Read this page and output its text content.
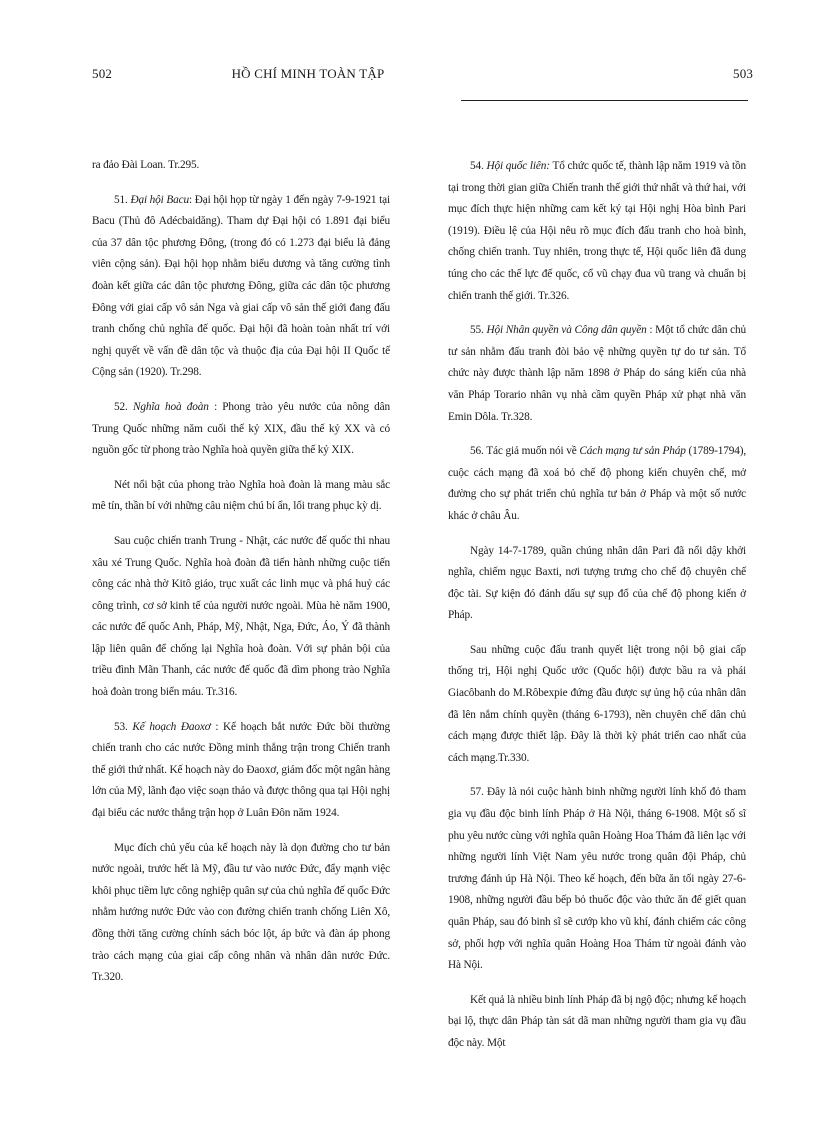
502	HỒ CHÍ MINH TOÀN TẬP	503

ra đảo Đài Loan. Tr.295.

51. Đại hội Bacu: Đại hội họp từ ngày 1 đến ngày 7-9-1921 tại Bacu (Thủ đô Adécbaidăng). Tham dự Đại hội có 1.891 đại biểu của 37 dân tộc phương Đông, (trong đó có 1.273 đại biểu là đảng viên cộng sản). Đại hội họp nhằm biểu dương và tăng cường tình đoàn kết giữa các dân tộc phương Đông, giữa các dân tộc phương Đông với giai cấp vô sản Nga và giai cấp vô sản thế giới đang đấu tranh chống chủ nghĩa đế quốc. Đại hội đã hoàn toàn nhất trí với nghị quyết về vấn đề dân tộc và thuộc địa của Đại hội II Quốc tế Cộng sản (1920). Tr.298.

52. Nghĩa hoà đoàn : Phong trào yêu nước của nông dân Trung Quốc những năm cuối thế kỷ XIX, đầu thế kỷ XX và có nguồn gốc từ phong trào Nghĩa hoà quyền giữa thế kỷ XIX.

Nét nổi bật của phong trào Nghĩa hoà đoàn là mang màu sắc mê tín, thần bí với những câu niệm chú bí ẩn, lối trang phục kỳ dị.

Sau cuộc chiến tranh Trung - Nhật, các nước đế quốc thi nhau xâu xé Trung Quốc. Nghĩa hoà đoàn đã tiến hành những cuộc tiến công các nhà thờ Kitô giáo, trục xuất các linh mục và phá huỷ các công trình, cơ sở kinh tế của người nước ngoài. Mùa hè năm 1900, các nước đế quốc Anh, Pháp, Mỹ, Nhật, Nga, Đức, Áo, Ý đã thành lập liên quân để chống lại Nghĩa hoà đoàn. Với sự phản bội của triều đình Mãn Thanh, các nước đế quốc đã dìm phong trào Nghĩa hoà đoàn trong biển máu. Tr.316.

53. Kế hoạch Đaoxơ : Kế hoạch bắt nước Đức bồi thường chiến tranh cho các nước Đồng minh thắng trận trong Chiến tranh thế giới thứ nhất. Kế hoạch này do Đaoxơ, giám đốc một ngân hàng lớn của Mỹ, lãnh đạo việc soạn thảo và được thông qua tại Hội nghị đại biểu các nước thắng trận họp ở Luân Đôn năm 1924.

Mục đích chủ yếu của kế hoạch này là dọn đường cho tư bản nước ngoài, trước hết là Mỹ, đầu tư vào nước Đức, đẩy mạnh việc khôi phục tiềm lực công nghiệp quân sự của chủ nghĩa đế quốc Đức nhằm hướng nước Đức vào con đường chiến tranh chống Liên Xô, đồng thời tăng cường chính sách bóc lột, áp bức và đàn áp phong trào cách mạng của giai cấp công nhân và nhân dân nước Đức. Tr.320.

54. Hội quốc liên: Tổ chức quốc tế, thành lập năm 1919 và tồn tại trong thời gian giữa Chiến tranh thế giới thứ nhất và thứ hai, với mục đích thực hiện những cam kết ký tại Hội nghị Hòa bình Pari (1919). Điều lệ của Hội nêu rõ mục đích đấu tranh cho hoà bình, chống chiến tranh. Tuy nhiên, trong thực tế, Hội quốc liên đã dung túng cho các thế lực đế quốc, cổ vũ chạy đua vũ trang và chuẩn bị chiến tranh thế giới. Tr.326.

55. Hội Nhân quyền và Công dân quyền : Một tổ chức dân chủ tư sản nhằm đấu tranh đòi bảo vệ những quyền tự do tư sản. Tổ chức này được thành lập năm 1898 ở Pháp do sáng kiến của nhà văn Pháp Torario nhân vụ nhà cầm quyền Pháp xử phạt nhà văn Emin Dôla. Tr.328.

56. Tác giả muốn nói về Cách mạng tư sản Pháp (1789-1794), cuộc cách mạng đã xoá bỏ chế độ phong kiến chuyên chế, mở đường cho sự phát triển chủ nghĩa tư bản ở Pháp và một số nước khác ở châu Âu.

Ngày 14-7-1789, quần chúng nhân dân Pari đã nổi dậy khởi nghĩa, chiếm ngục Baxti, nơi tượng trưng cho chế độ chuyên chế độc tài. Sự kiện đó đánh dấu sự sụp đổ của chế độ phong kiến ở Pháp.

Sau những cuộc đấu tranh quyết liệt trong nội bộ giai cấp thống trị, Hội nghị Quốc ước (Quốc hội) được bầu ra và phái Giacôbanh do M.Rôbexpie đứng đầu được sự ủng hộ của nhân dân đã lên nắm chính quyền (tháng 6-1793), nền chuyên chế dân chủ cách mạng được thiết lập. Đây là thời kỳ phát triển cao nhất của cách mạng.Tr.330.

57. Đây là nói cuộc hành binh những người lính khố đỏ tham gia vụ đầu độc binh lính Pháp ở Hà Nội, tháng 6-1908. Một số sĩ phu yêu nước cùng với nghĩa quân Hoàng Hoa Thám đã liên lạc với những người lính Việt Nam yêu nước trong quân đội Pháp, chủ trương đánh úp Hà Nội. Theo kế hoạch, đến bữa ăn tối ngày 27-6-1908, những người đầu bếp bỏ thuốc độc vào thức ăn để giết quan quân Pháp, sau đó binh sĩ sẽ cướp kho vũ khí, đánh chiếm các công sở, phối hợp với nghĩa quân Hoàng Hoa Thám từ ngoài đánh vào Hà Nội.

Kết quả là nhiều binh lính Pháp đã bị ngộ độc; nhưng kế hoạch bại lộ, thực dân Pháp tàn sát dã man những người tham gia vụ đầu độc này. Một
